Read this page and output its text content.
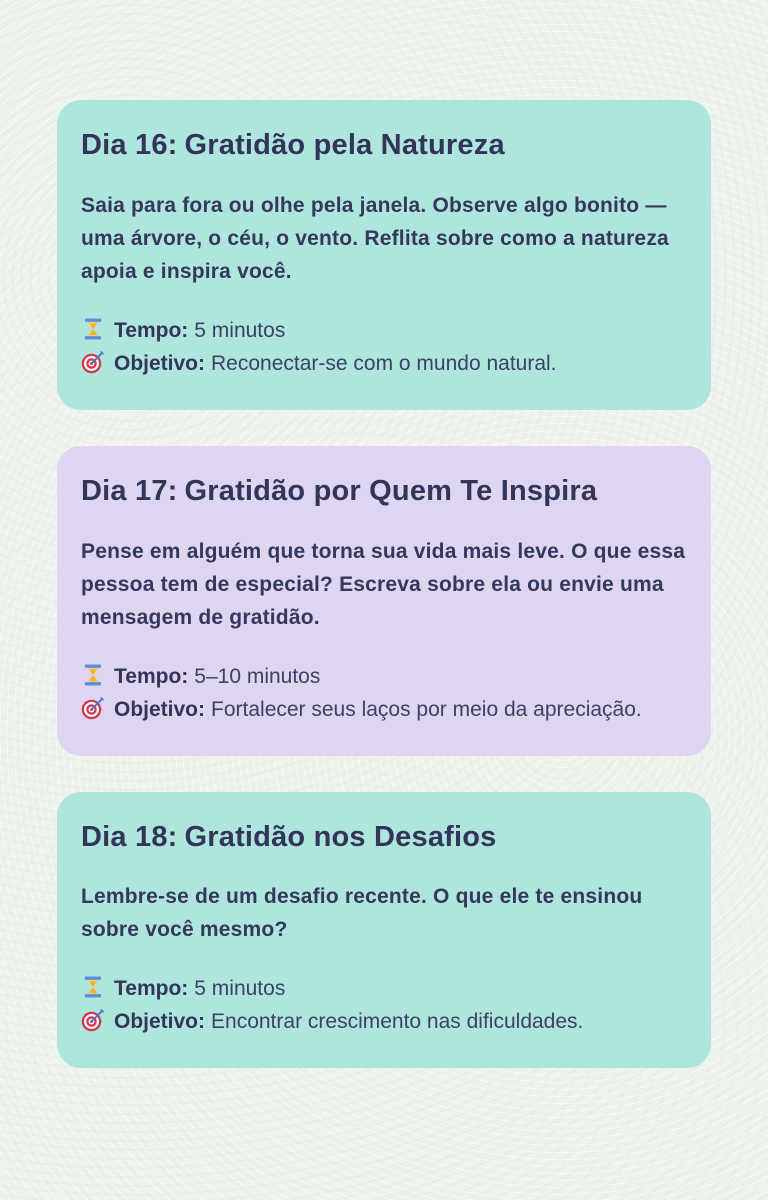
Dia 16: Gratidão pela Natureza

Saia para fora ou olhe pela janela. Observe algo bonito — uma árvore, o céu, o vento. Reflita sobre como a natureza apoia e inspira você.

Tempo: 5 minutos
Objetivo: Reconectar-se com o mundo natural.
Dia 17: Gratidão por Quem Te Inspira

Pense em alguém que torna sua vida mais leve. O que essa pessoa tem de especial? Escreva sobre ela ou envie uma mensagem de gratidão.

Tempo: 5–10 minutos
Objetivo: Fortalecer seus laços por meio da apreciação.
Dia 18: Gratidão nos Desafios

Lembre-se de um desafio recente. O que ele te ensinou sobre você mesmo?

Tempo: 5 minutos
Objetivo: Encontrar crescimento nas dificuldades.
